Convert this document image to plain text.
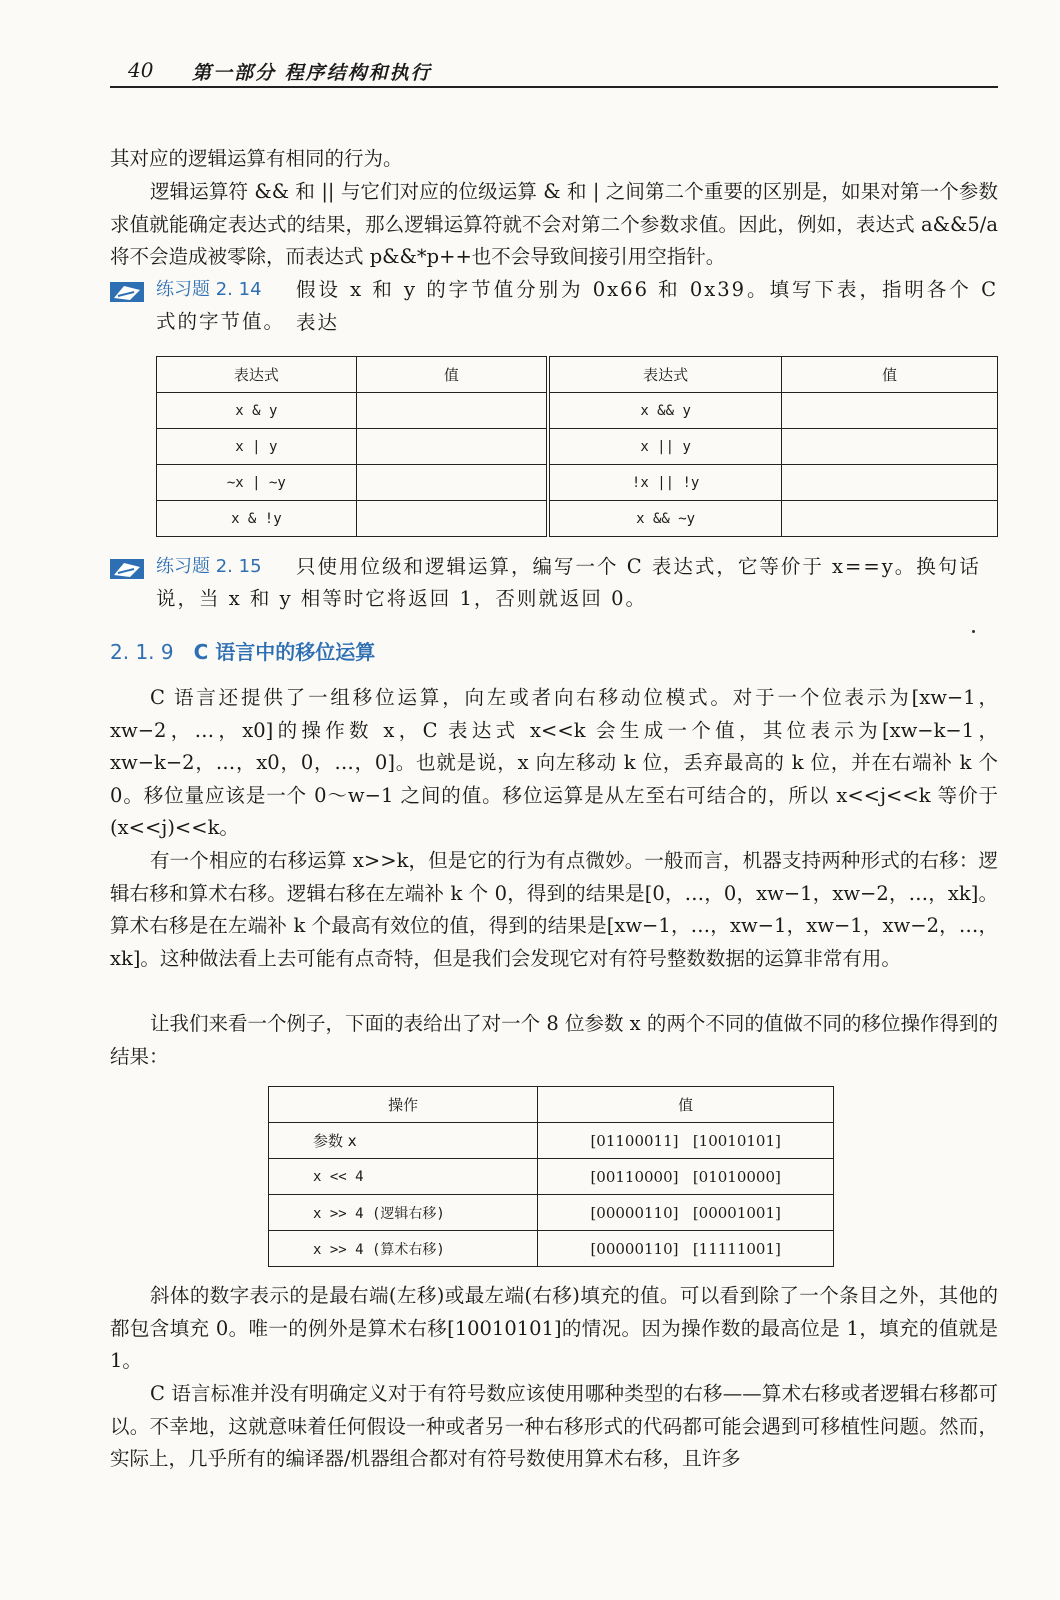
40 第一部分 程序结构和执行

其对应的逻辑运算有相同的行为。

逻辑运算符 && 和 || 与它们对应的位级运算 & 和 | 之间第二个重要的区别是，如果对第一个参数求值就能确定表达式的结果，那么逻辑运算符就不会对第二个参数求值。因此，例如，表达式 a&&5/a 将不会造成被零除，而表达式 p&&*p++也不会导致间接引用空指针。

练习题 2. 14 假设 x 和 y 的字节值分别为 0x66 和 0x39。填写下表，指明各个 C 表达
式的字节值。
表达式	值	表达式	值
x & y		x && y	
x | y		x || y	
~x | ~y		!x || !y	
x & !y		x && ~y	
练习题 2. 15 只使用位级和逻辑运算，编写一个 C 表达式，它等价于 x==y。换句话
说，当 x 和 y 相等时它将返回 1，否则就返回 0。
2. 1. 9 C 语言中的移位运算

C 语言还提供了一组移位运算，向左或者向右移动位模式。对于一个位表示为[xw−1，xw−2，…，x0]的操作数 x，C 表达式 x<<k 会生成一个值，其位表示为[xw−k−1，xw−k−2，…，x0，0，…，0]。也就是说，x 向左移动 k 位，丢弃最高的 k 位，并在右端补 k 个 0。移位量应该是一个 0～w−1 之间的值。移位运算是从左至右可结合的，所以 x<<j<<k 等价于(x<<j)<<k。

有一个相应的右移运算 x>>k，但是它的行为有点微妙。一般而言，机器支持两种形式的右移：逻辑右移和算术右移。逻辑右移在左端补 k 个 0，得到的结果是[0，…，0，xw−1，xw−2，…，xk]。算术右移是在左端补 k 个最高有效位的值，得到的结果是[xw−1，…，xw−1，xw−1，xw−2，…，xk]。这种做法看上去可能有点奇特，但是我们会发现它对有符号整数数据的运算非常有用。

让我们来看一个例子，下面的表给出了对一个 8 位参数 x 的两个不同的值做不同的移位操作得到的结果：

操作	值
参数 x	[01100011] [10010101]
x << 4	[00110000] [01010000]
x >> 4 (逻辑右移)	[00000110] [00001001]
x >> 4 (算术右移)	[00000110] [11111001]

斜体的数字表示的是最右端(左移)或最左端(右移)填充的值。可以看到除了一个条目之外，其他的都包含填充 0。唯一的例外是算术右移[10010101]的情况。因为操作数的最高位是 1，填充的值就是 1。

C 语言标准并没有明确定义对于有符号数应该使用哪种类型的右移——算术右移或者逻辑右移都可以。不幸地，这就意味着任何假设一种或者另一种右移形式的代码都可能会遇到可移植性问题。然而，实际上，几乎所有的编译器/机器组合都对有符号数使用算术右移，且许多
